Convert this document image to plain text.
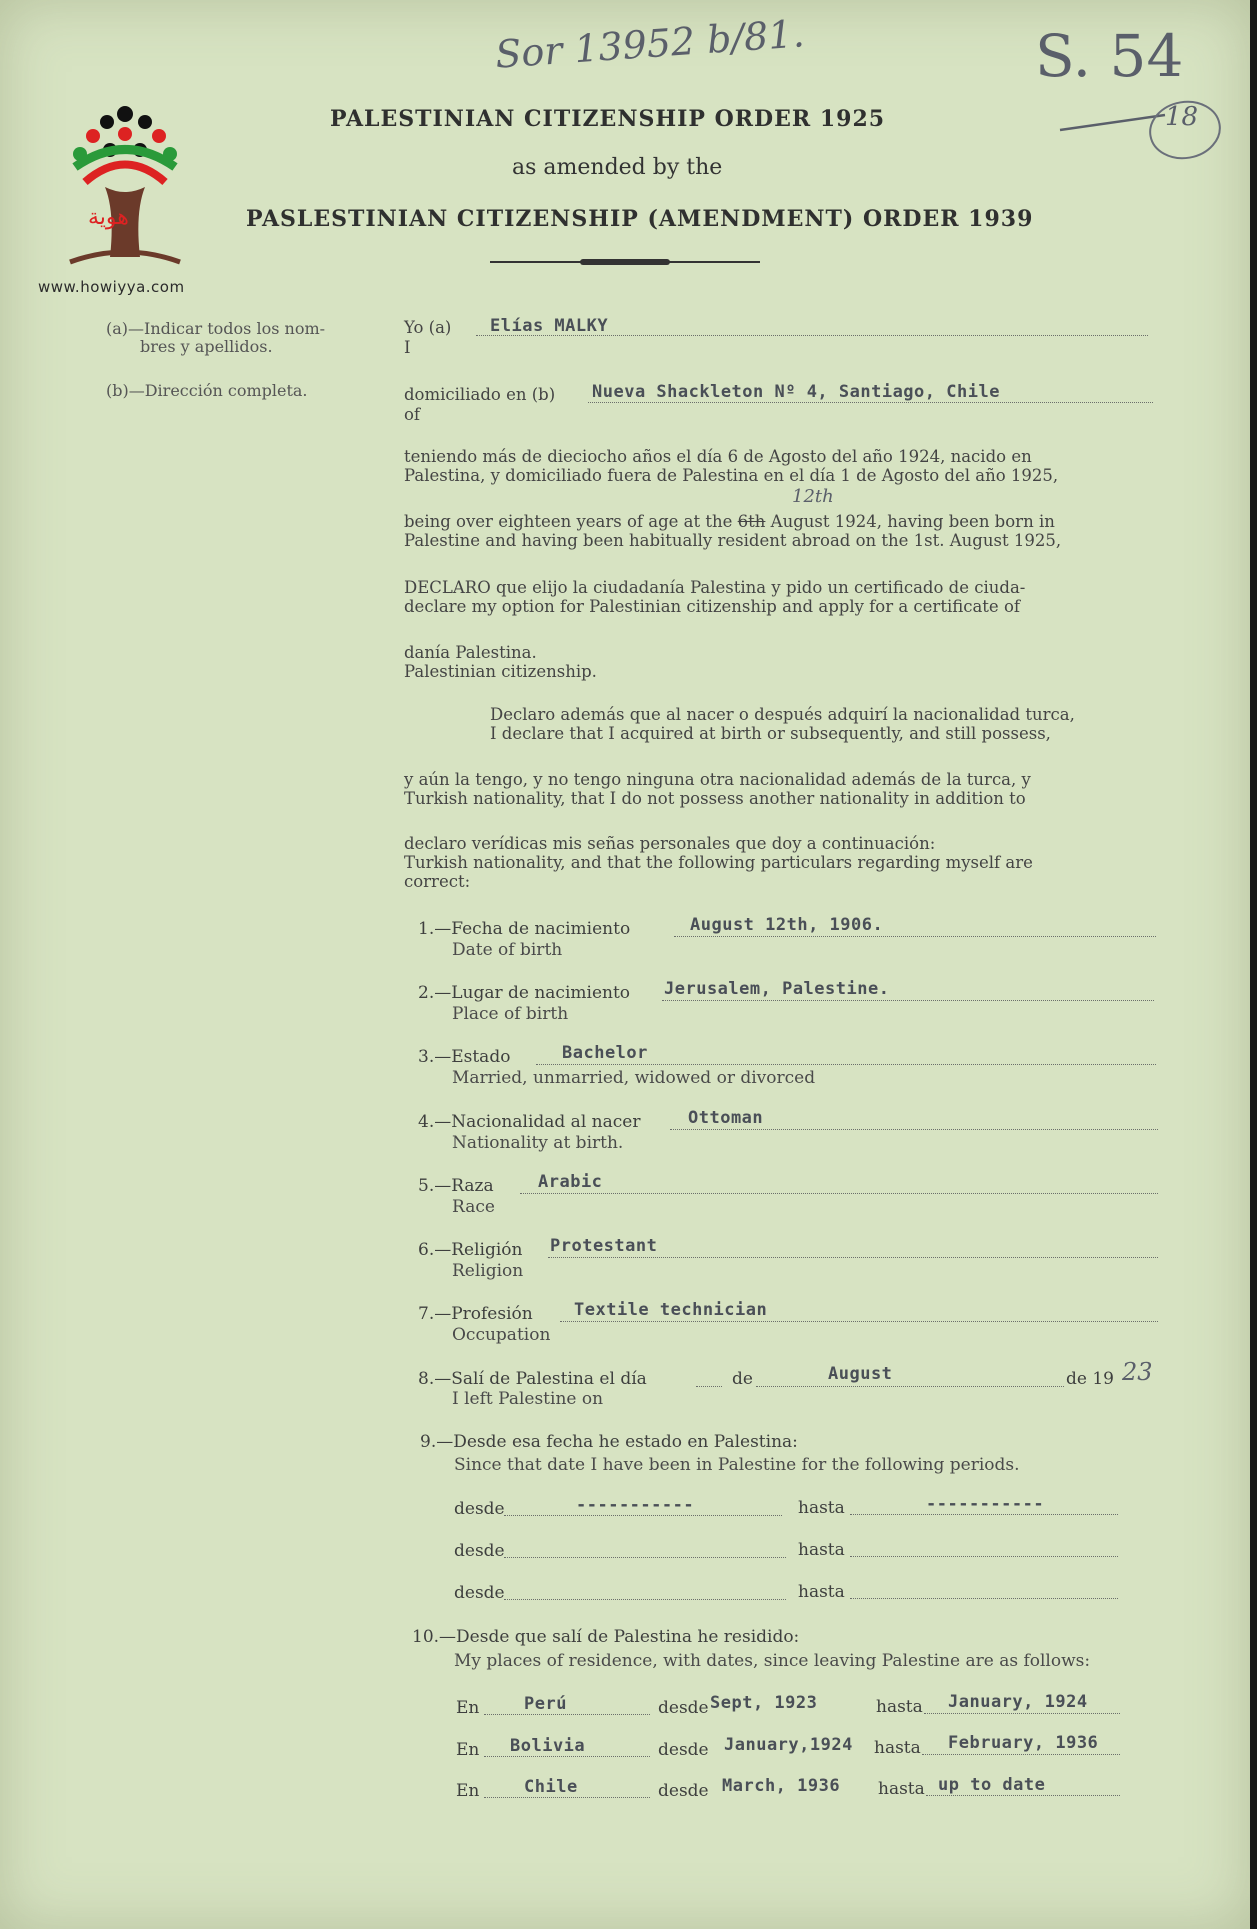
Sor 13952 b/81.	S. 54
18
هوية
www.howiyya.com
PALESTINIAN CITIZENSHIP ORDER 1925
as amended by the
PASLESTINIAN CITIZENSHIP (AMENDMENT) ORDER 1939
(a)—Indicar todos los nom-
bres y apellidos.
(b)—Dirección completa.
Yo (a)
I
Elías MALKY
domiciliado en (b)
of
Nueva Shackleton Nº 4, Santiago, Chile
teniendo más de dieciocho años el día 6 de Agosto del año 1924, nacido en
Palestina, y domiciliado fuera de Palestina en el día 1 de Agosto del año 1925,
12th
being over eighteen years of age at the 6th August 1924, having been born in
Palestine and having been habitually resident abroad on the 1st. August 1925,
DECLARO que elijo la ciudadanía Palestina y pido un certificado de ciuda-
declare my option for Palestinian citizenship and apply for a certificate of
danía Palestina.
Palestinian citizenship.
Declaro además que al nacer o después adquirí la nacionalidad turca,
I declare that I acquired at birth or subsequently, and still possess,
y aún la tengo, y no tengo ninguna otra nacionalidad además de la turca, y
Turkish nationality, that I do not possess another nationality in addition to
declaro verídicas mis señas personales que doy a continuación:
Turkish nationality, and that the following particulars regarding myself are
correct:
1.—Fecha de nacimiento
Date of birth
August 12th, 1906.
2.—Lugar de nacimiento
Place of birth
Jerusalem, Palestine.
3.—Estado
Married, unmarried, widowed or divorced
Bachelor
4.—Nacionalidad al nacer
Nationality at birth.
Ottoman
5.—Raza
Race
Arabic
6.—Religión
Religion
Protestant
7.—Profesión
Occupation
Textile technician
8.—Salí de Palestina el día	de	August	de 19 23
I left Palestine on
9.—Desde esa fecha he estado en Palestina:
Since that date I have been in Palestine for the following periods.
desde	-----------	hasta	-----------
desde	hasta
desde	hasta
10.—Desde que salí de Palestina he residido:
My places of residence, with dates, since leaving Palestine are as follows:
En	Perú	desde Sept, 1923	hasta January, 1924
En Bolivia	desde January,1924 hasta February, 1936
En	Chile	desde March, 1936 hasta up to date
